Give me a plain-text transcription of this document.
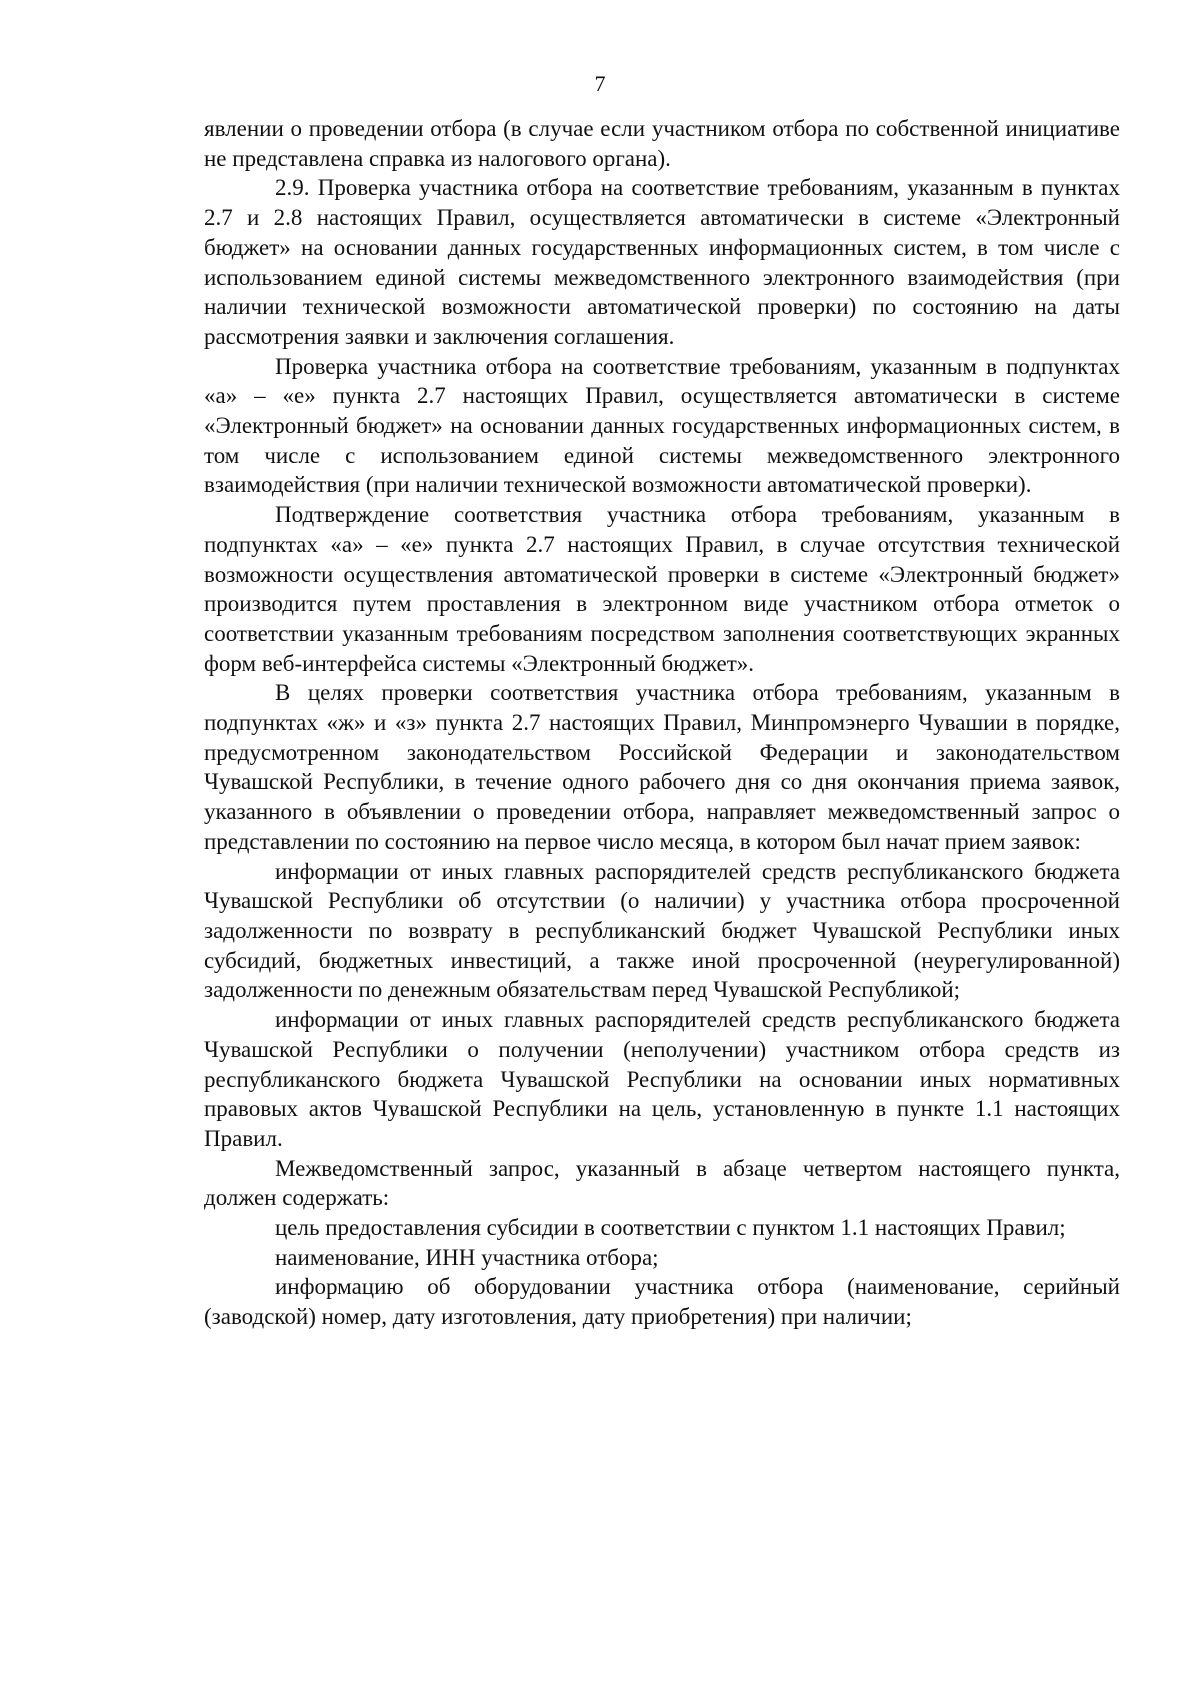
7

явлении о проведении отбора (в случае если участником отбора по собственной инициативе не представлена справка из налогового органа).

2.9. Проверка участника отбора на соответствие требованиям, указанным в пунктах 2.7 и 2.8 настоящих Правил, осуществляется автоматически в системе «Электронный бюджет» на основании данных государственных информационных систем, в том числе с использованием единой системы межведомственного электронного взаимодействия (при наличии технической возможности автоматической проверки) по состоянию на даты рассмотрения заявки и заключения соглашения.

Проверка участника отбора на соответствие требованиям, указанным в подпунктах «а» – «е» пункта 2.7 настоящих Правил, осуществляется автоматически в системе «Электронный бюджет» на основании данных государственных информационных систем, в том числе с использованием единой системы межведомственного электронного взаимодействия (при наличии технической возможности автоматической проверки).

Подтверждение соответствия участника отбора требованиям, указанным в подпунктах «а» – «е» пункта 2.7 настоящих Правил, в случае отсутствия технической возможности осуществления автоматической проверки в системе «Электронный бюджет» производится путем проставления в электронном виде участником отбора отметок о соответствии указанным требованиям посредством заполнения соответствующих экранных форм веб-интерфейса системы «Электронный бюджет».

В целях проверки соответствия участника отбора требованиям, указанным в подпунктах «ж» и «з» пункта 2.7 настоящих Правил, Минпромэнерго Чувашии в порядке, предусмотренном законодательством Российской Федерации и законодательством Чувашской Республики, в течение одного рабочего дня со дня окончания приема заявок, указанного в объявлении о проведении отбора, направляет межведомственный запрос о представлении по состоянию на первое число месяца, в котором был начат прием заявок:

информации от иных главных распорядителей средств республиканского бюджета Чувашской Республики об отсутствии (о наличии) у участника отбора просроченной задолженности по возврату в республиканский бюджет Чувашской Республики иных субсидий, бюджетных инвестиций, а также иной просроченной (неурегулированной) задолженности по денежным обязательствам перед Чувашской Республикой;

информации от иных главных распорядителей средств республиканского бюджета Чувашской Республики о получении (неполучении) участником отбора средств из республиканского бюджета Чувашской Республики на основании иных нормативных правовых актов Чувашской Республики на цель, установленную в пункте 1.1 настоящих Правил.

Межведомственный запрос, указанный в абзаце четвертом настоящего пункта, должен содержать:

цель предоставления субсидии в соответствии с пунктом 1.1 настоящих Правил;

наименование, ИНН участника отбора;

информацию об оборудовании участника отбора (наименование, серийный (заводской) номер, дату изготовления, дату приобретения) при наличии;
